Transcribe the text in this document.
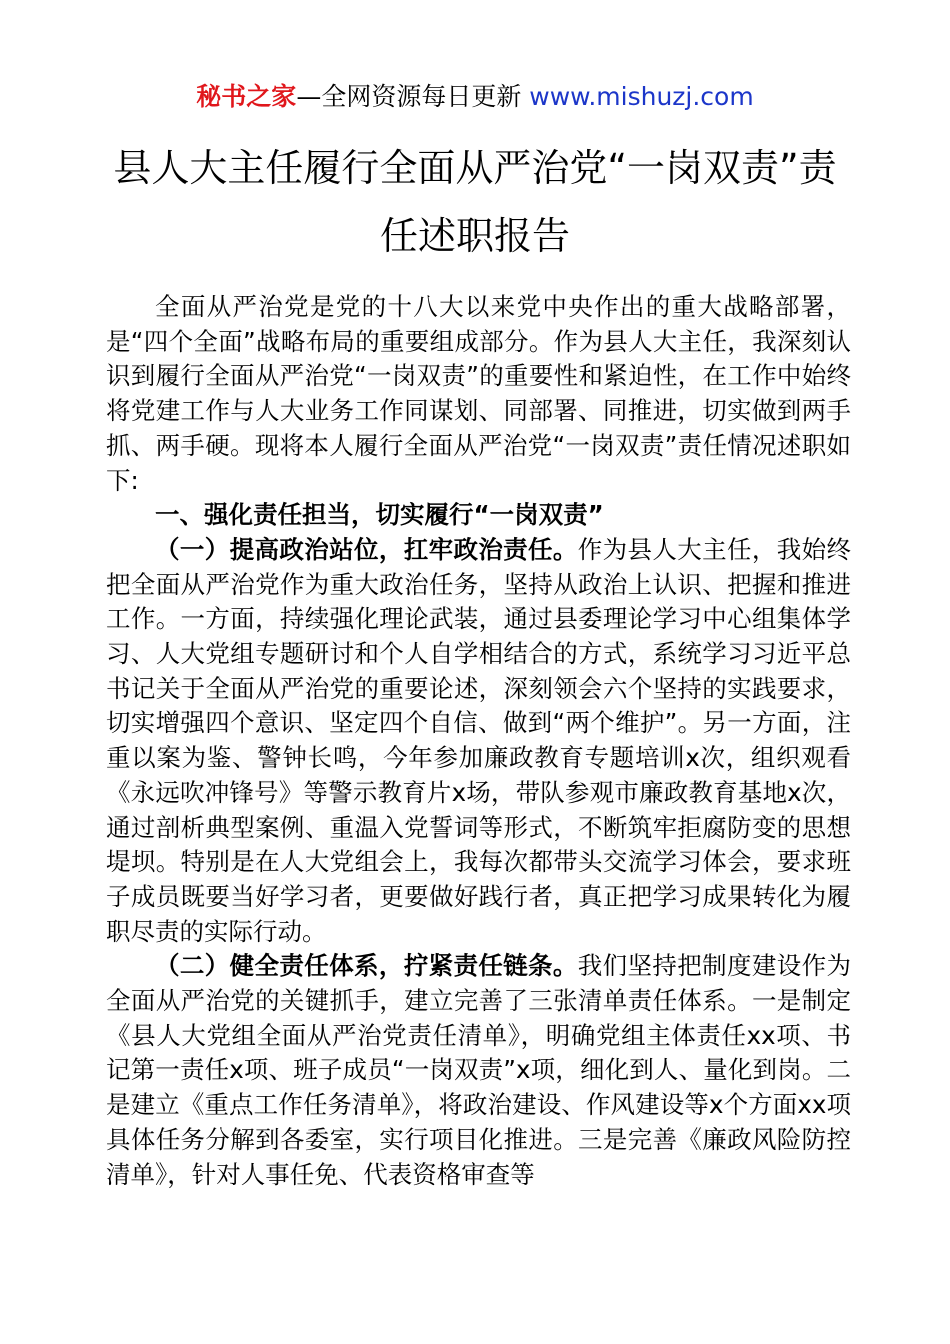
秘书之家—全网资源每日更新 www.mishuzj.com
县人大主任履行全面从严治党“一岗双责”责任述职报告

全面从严治党是党的十八大以来党中央作出的重大战略部署，是“四个全面”战略布局的重要组成部分。作为县人大主任，我深刻认识到履行全面从严治党“一岗双责”的重要性和紧迫性，在工作中始终将党建工作与人大业务工作同谋划、同部署、同推进，切实做到两手抓、两手硬。现将本人履行全面从严治党“一岗双责”责任情况述职如下:

一、强化责任担当，切实履行“一岗双责”

（一）提高政治站位，扛牢政治责任。作为县人大主任，我始终把全面从严治党作为重大政治任务，坚持从政治上认识、把握和推进工作。一方面，持续强化理论武装，通过县委理论学习中心组集体学习、人大党组专题研讨和个人自学相结合的方式，系统学习习近平总书记关于全面从严治党的重要论述，深刻领会六个坚持的实践要求，切实增强四个意识、坚定四个自信、做到“两个维护”。另一方面，注重以案为鉴、警钟长鸣，今年参加廉政教育专题培训x次，组织观看《永远吹冲锋号》等警示教育片x场，带队参观市廉政教育基地x次，通过剖析典型案例、重温入党誓词等形式，不断筑牢拒腐防变的思想堤坝。特别是在人大党组会上，我每次都带头交流学习体会，要求班子成员既要当好学习者，更要做好践行者，真正把学习成果转化为履职尽责的实际行动。

（二）健全责任体系，拧紧责任链条。我们坚持把制度建设作为全面从严治党的关键抓手，建立完善了三张清单责任体系。一是制定《县人大党组全面从严治党责任清单》，明确党组主体责任xx项、书记第一责任x项、班子成员“一岗双责”x项，细化到人、量化到岗。二是建立《重点工作任务清单》，将政治建设、作风建设等x个方面xx项具体任务分解到各委室，实行项目化推进。三是完善《廉政风险防控清单》，针对人事任免、代表资格审查等
